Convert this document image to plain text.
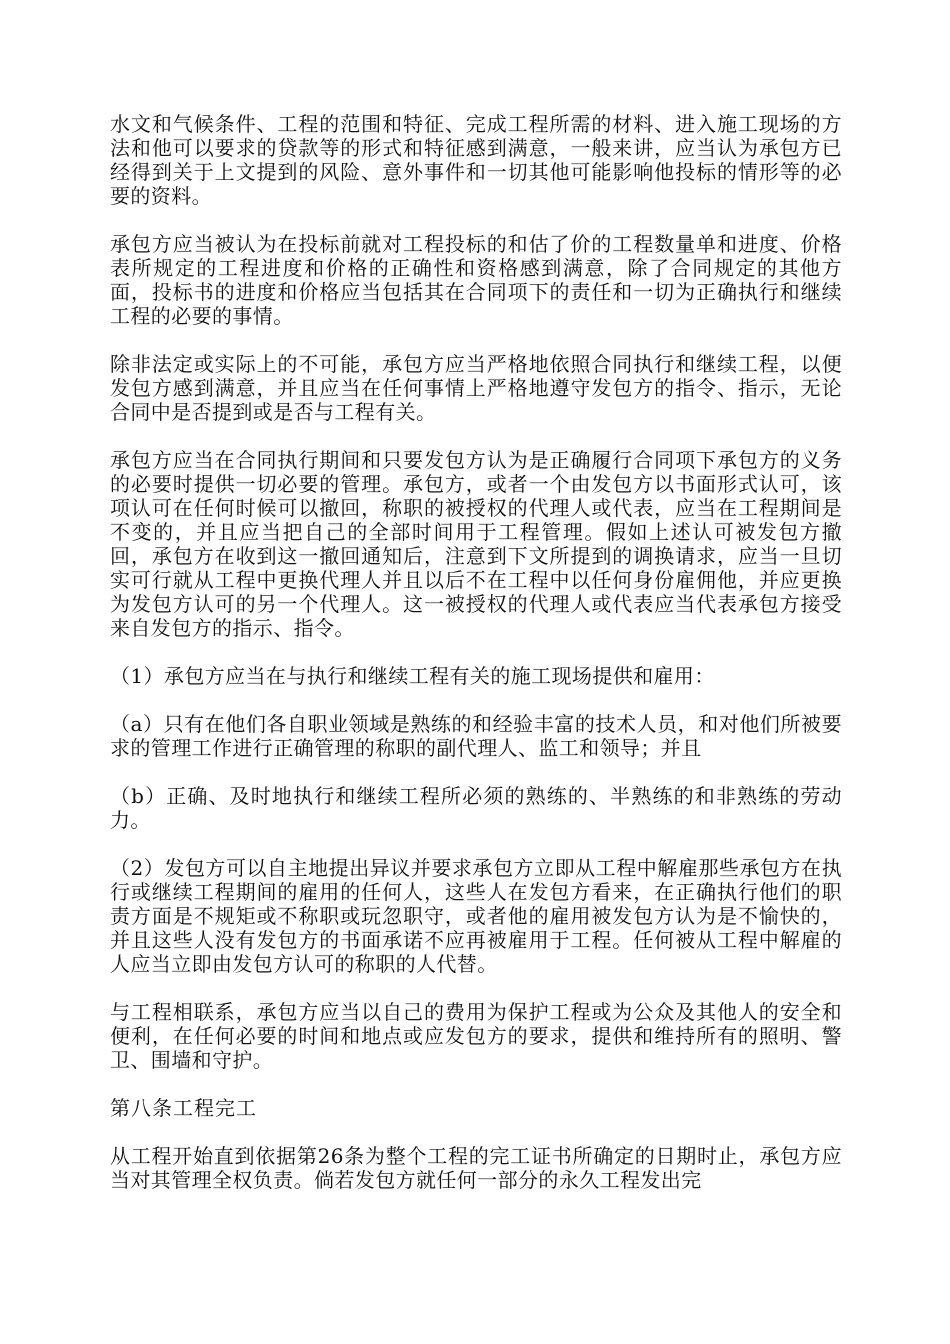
水文和气候条件、工程的范围和特征、完成工程所需的材料、进入施工现场的方法和他可以要求的贷款等的形式和特征感到满意，一般来讲，应当认为承包方已经得到关于上文提到的风险、意外事件和一切其他可能影响他投标的情形等的必要的资料。

承包方应当被认为在投标前就对工程投标的和估了价的工程数量单和进度、价格表所规定的工程进度和价格的正确性和资格感到满意，除了合同规定的其他方面，投标书的进度和价格应当包括其在合同项下的责任和一切为正确执行和继续工程的必要的事情。

除非法定或实际上的不可能，承包方应当严格地依照合同执行和继续工程，以便发包方感到满意，并且应当在任何事情上严格地遵守发包方的指令、指示，无论合同中是否提到或是否与工程有关。

承包方应当在合同执行期间和只要发包方认为是正确履行合同项下承包方的义务的必要时提供一切必要的管理。承包方，或者一个由发包方以书面形式认可，该项认可在任何时候可以撤回，称职的被授权的代理人或代表，应当在工程期间是不变的，并且应当把自己的全部时间用于工程管理。假如上述认可被发包方撤回，承包方在收到这一撤回通知后，注意到下文所提到的调换请求，应当一旦切实可行就从工程中更换代理人并且以后不在工程中以任何身份雇佣他，并应更换为发包方认可的另一个代理人。这一被授权的代理人或代表应当代表承包方接受来自发包方的指示、指令。

（1）承包方应当在与执行和继续工程有关的施工现场提供和雇用：

（a）只有在他们各自职业领域是熟练的和经验丰富的技术人员，和对他们所被要求的管理工作进行正确管理的称职的副代理人、监工和领导；并且

（b）正确、及时地执行和继续工程所必须的熟练的、半熟练的和非熟练的劳动力。

（2）发包方可以自主地提出异议并要求承包方立即从工程中解雇那些承包方在执行或继续工程期间的雇用的任何人，这些人在发包方看来，在正确执行他们的职责方面是不规矩或不称职或玩忽职守，或者他的雇用被发包方认为是不愉快的，并且这些人没有发包方的书面承诺不应再被雇用于工程。任何被从工程中解雇的人应当立即由发包方认可的称职的人代替。

与工程相联系，承包方应当以自己的费用为保护工程或为公众及其他人的安全和便利，在任何必要的时间和地点或应发包方的要求，提供和维持所有的照明、警卫、围墙和守护。

第八条工程完工

从工程开始直到依据第26条为整个工程的完工证书所确定的日期时止，承包方应当对其管理全权负责。倘若发包方就任何一部分的永久工程发出完
